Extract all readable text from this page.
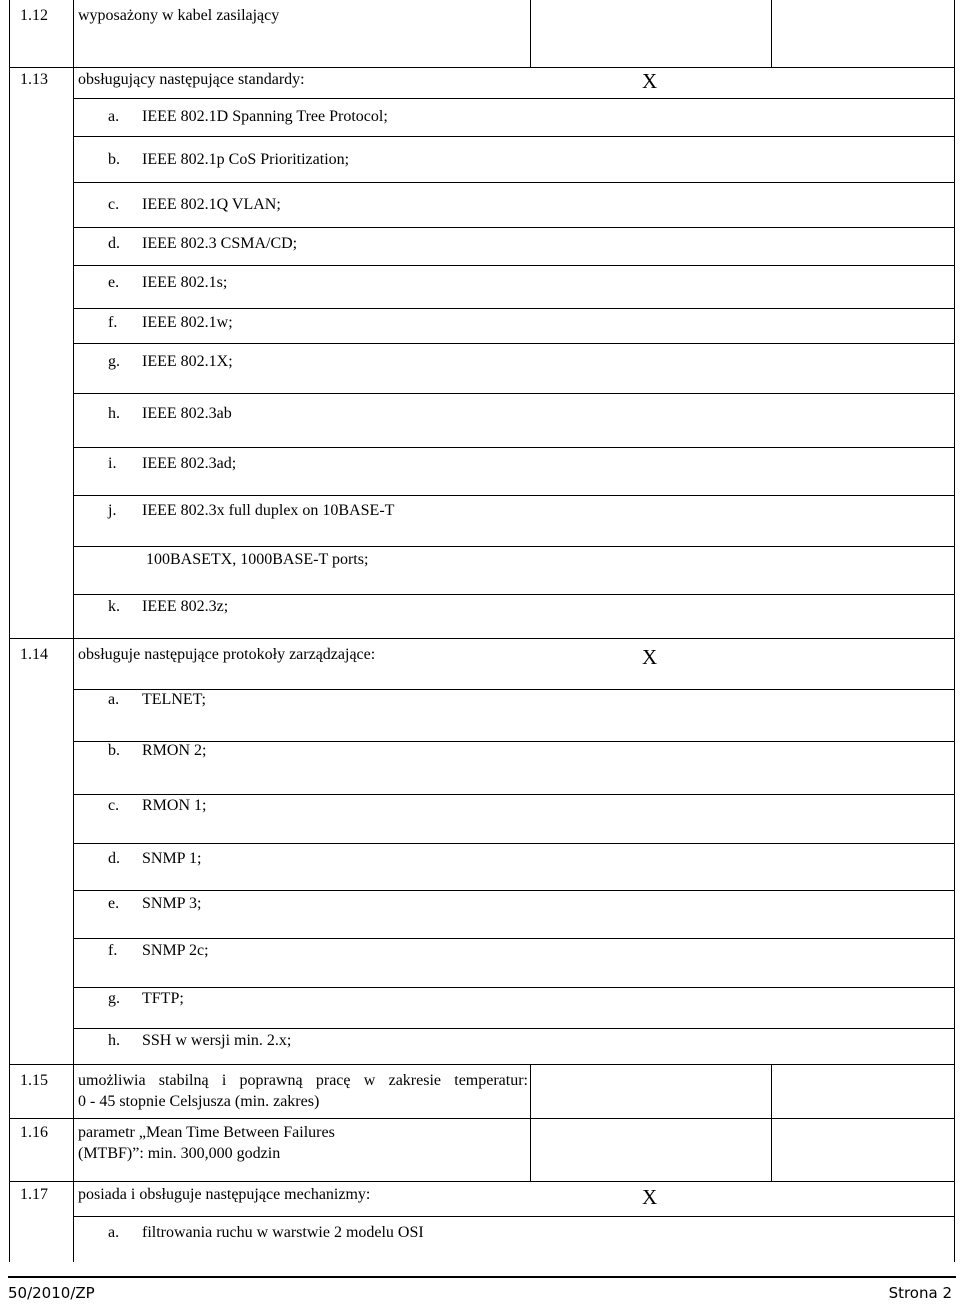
1.12 wyposażony w kabel zasilający
1.13 obsługujący następujące standardy:	X
a. IEEE 802.1D Spanning Tree Protocol;
b. IEEE 802.1p CoS Prioritization;
c. IEEE 802.1Q VLAN;
d. IEEE 802.3 CSMA/CD;
e. IEEE 802.1s;
f. IEEE 802.1w;
g. IEEE 802.1X;
h. IEEE 802.3ab
i. IEEE 802.3ad;
j. IEEE 802.3x full duplex on 10BASE-T
100BASETX, 1000BASE-T ports;
k. IEEE 802.3z;
1.14 obsługuje następujące protokoły zarządzające:	X
a. TELNET;
b. RMON 2;
c. RMON 1;
d. SNMP 1;
e. SNMP 3;
f. SNMP 2c;
g. TFTP;
h. SSH w wersji min. 2.x;
1.15 umożliwia stabilną i poprawną pracę w zakresie temperatur:
0 - 45 stopnie Celsjusza (min. zakres)
1.16 parametr „Mean Time Between Failures
(MTBF)”: min. 300,000 godzin
1.17 posiada i obsługuje następujące mechanizmy:	X
a. filtrowania ruchu w warstwie 2 modelu OSI
50/2010/ZP	Strona 2
